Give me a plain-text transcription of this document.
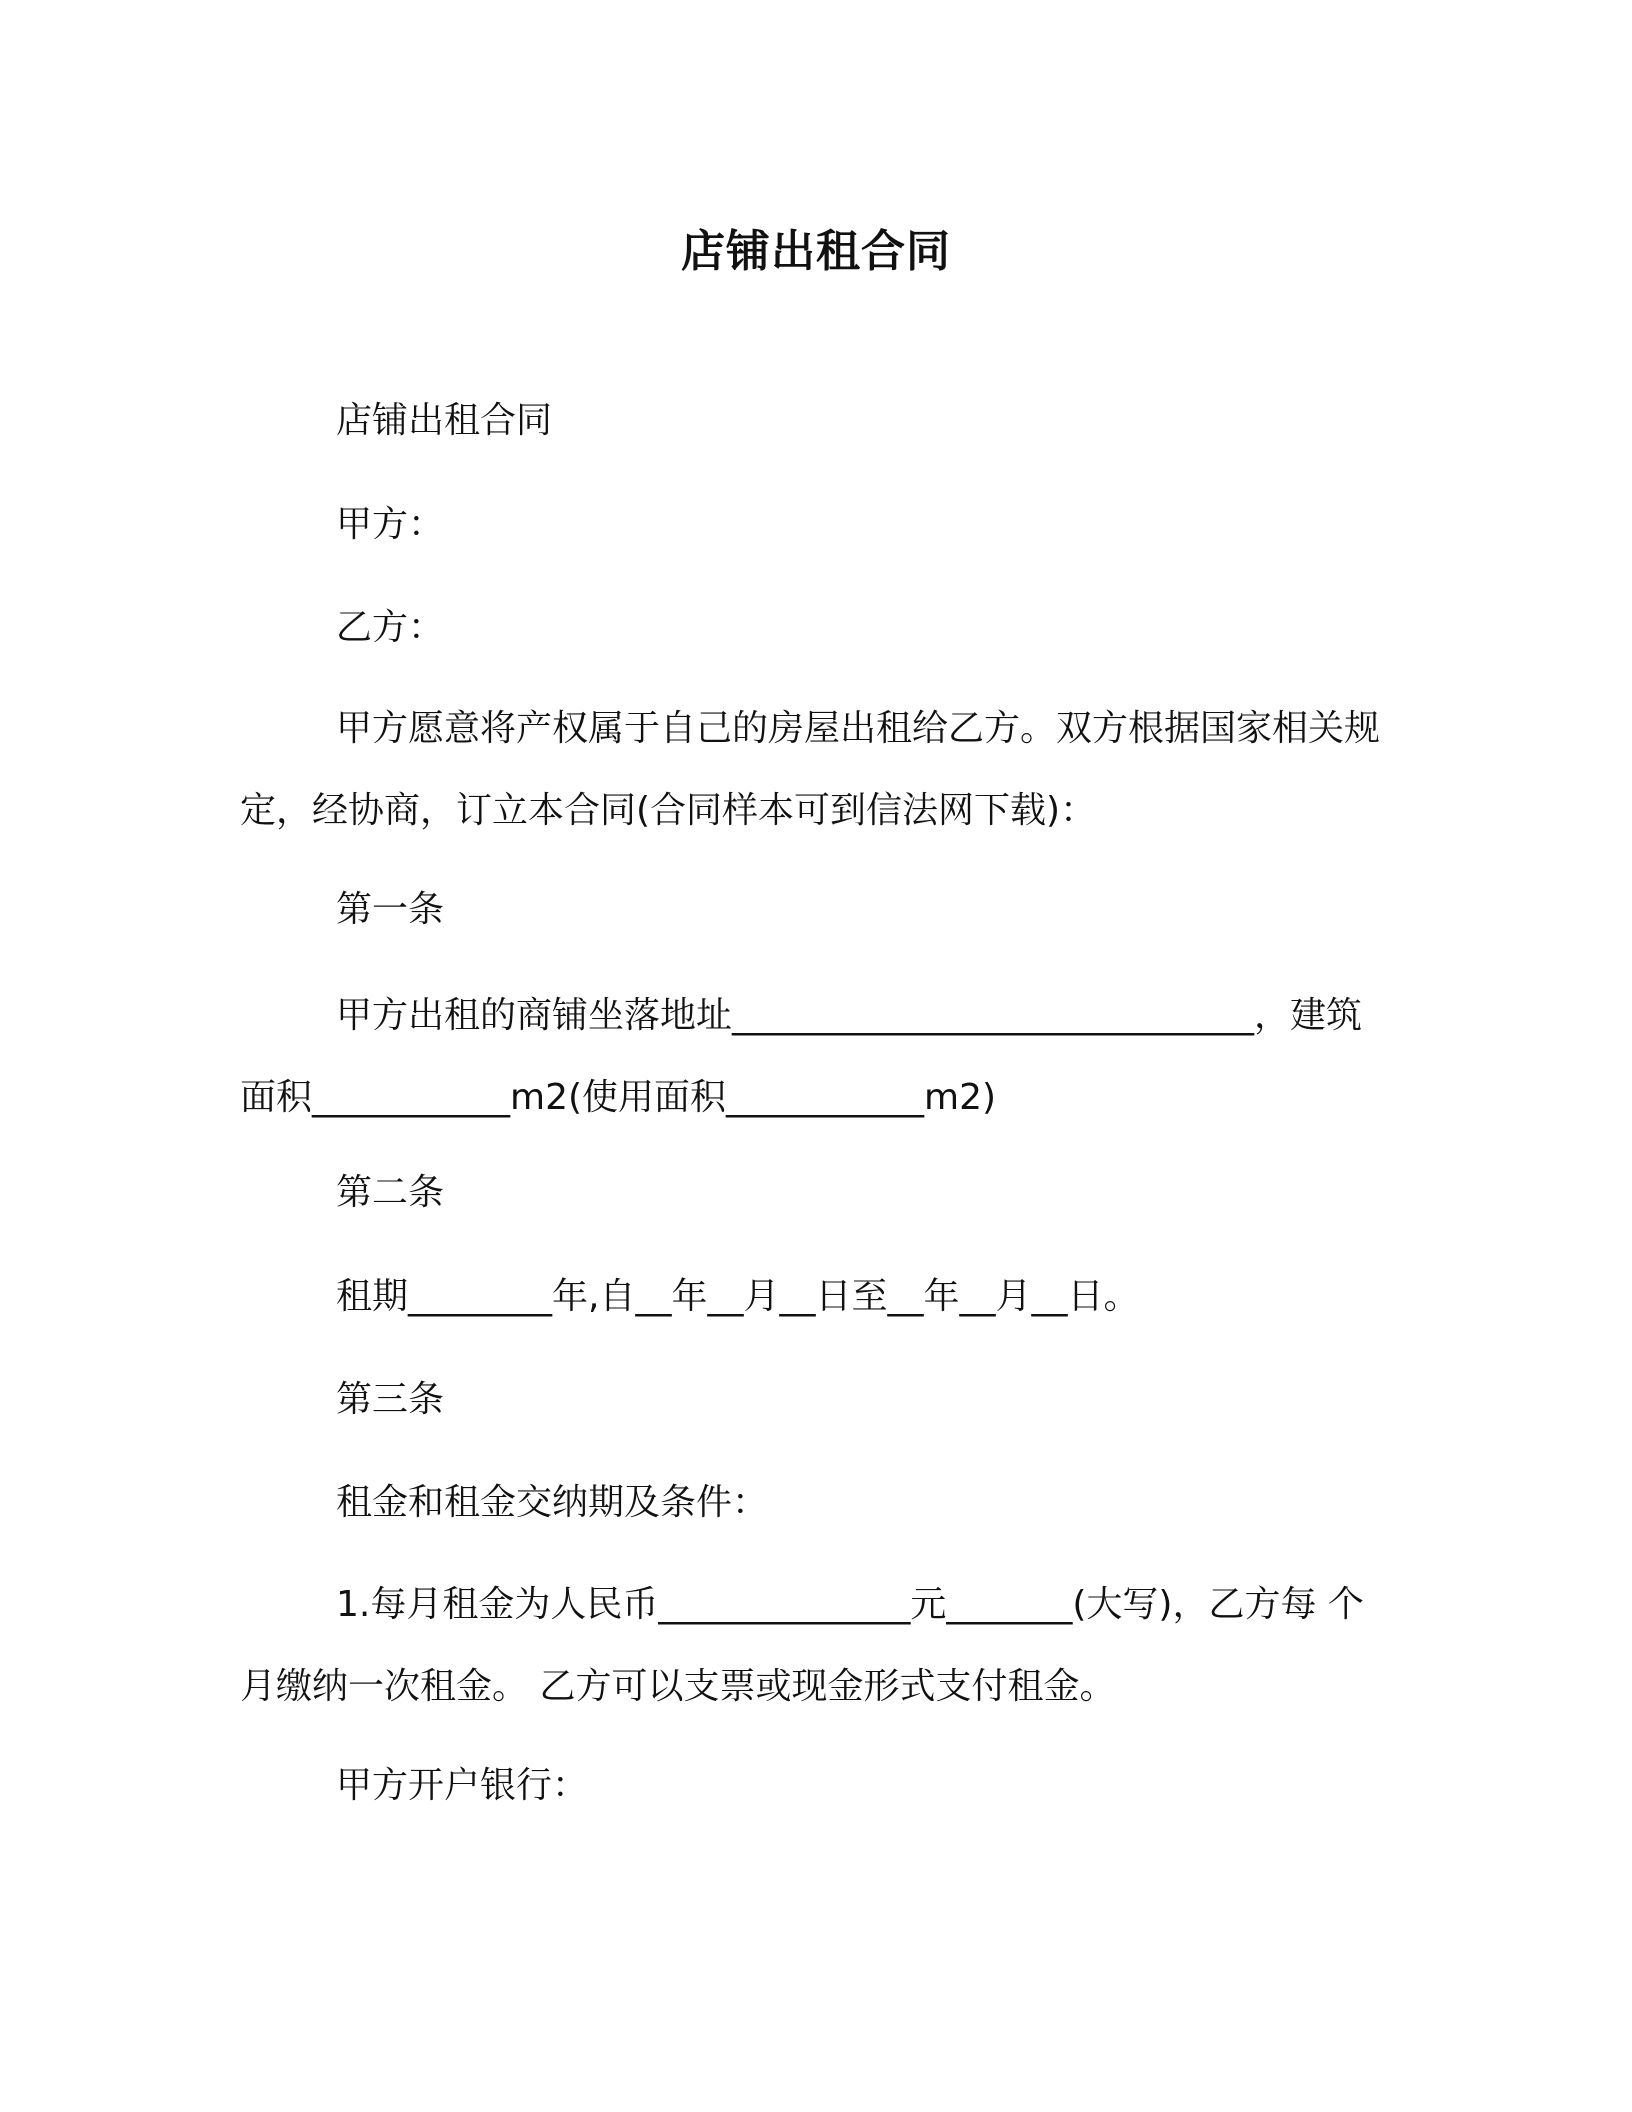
店铺出租合同

店铺出租合同

甲方：

乙方：

甲方愿意将产权属于自己的房屋出租给乙方。双方根据国家相关规定，经协商，订立本合同(合同样本可到信法网下载)：

第一条

甲方出租的商铺坐落地址_____________________________，建筑面积___________m2(使用面积___________m2)

第二条

租期________年,自__年__月__日至__年__月__日。

第三条

租金和租金交纳期及条件：

1.每月租金为人民币______________元_______(大写)，乙方每 个月缴纳一次租金。 乙方可以支票或现金形式支付租金。

甲方开户银行：
